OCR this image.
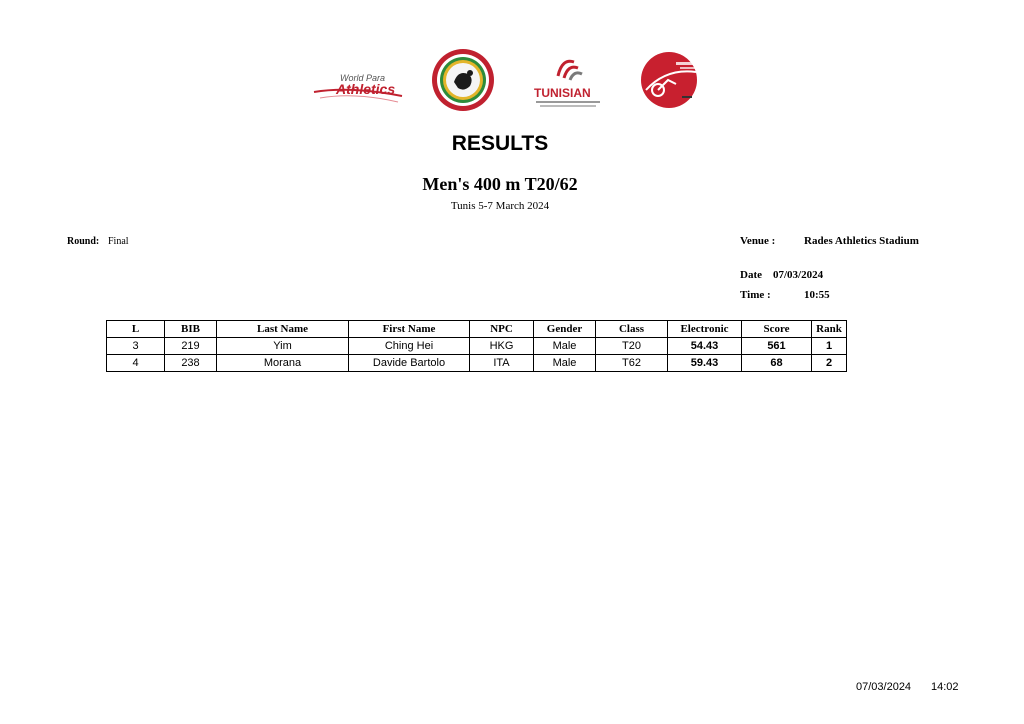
World Para
Athletics	TUNISIAN
RESULTS
Men's 400 m T20/62
Tunis 5-7 March 2024
Round: Final	Venue :	Rades Athletics Stadium
Date 07/03/2024
Time :	10:55
L	BIB	Last Name	First Name	NPC	Gender	Class	Electronic	Score	Rank
3	219	Yim	Ching Hei	HKG	Male	T20	54.43	561	1
4	238	Morana	Davide Bartolo	ITA	Male	T62	59.43	68	2
07/03/2024 14:02
